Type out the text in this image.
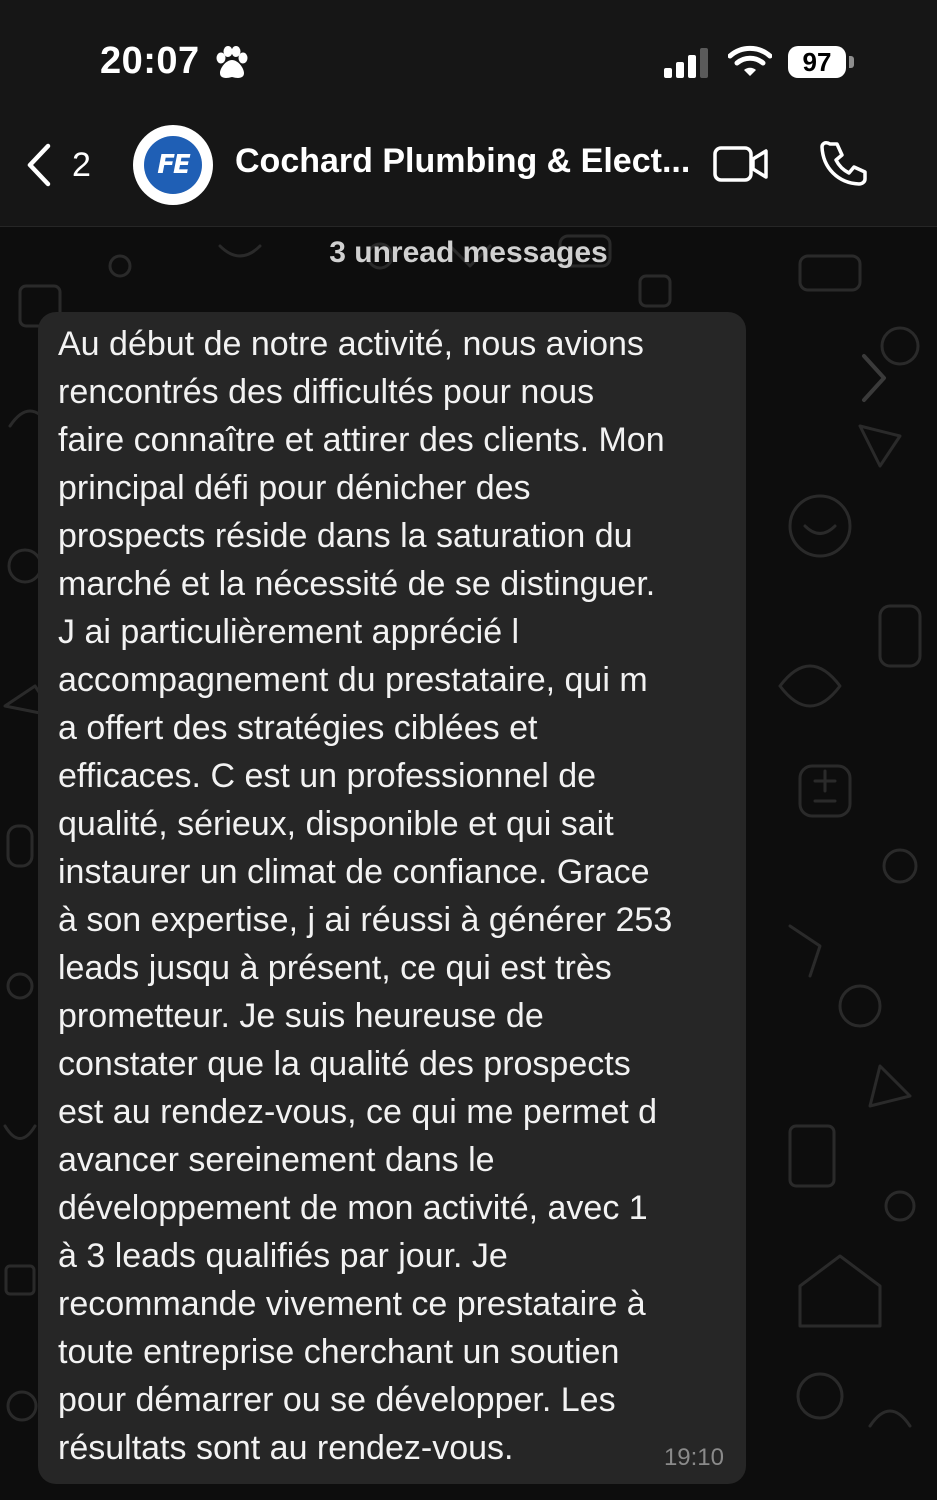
20:07	97
2	FE	Cochard Plumbing & Elect...
3 unread messages
Au début de notre activité, nous avions
rencontrés des difficultés pour nous
faire connaître et attirer des clients. Mon
principal défi pour dénicher des
prospects réside dans la saturation du
marché et la nécessité de se distinguer.
J ai particulièrement apprécié l
accompagnement du prestataire, qui m
a offert des stratégies ciblées et
efficaces. C est un professionnel de
qualité, sérieux, disponible et qui sait
instaurer un climat de confiance. Grace
à son expertise, j ai réussi à générer 253
leads jusqu à présent, ce qui est très
prometteur. Je suis heureuse de
constater que la qualité des prospects
est au rendez-vous, ce qui me permet d
avancer sereinement dans le
développement de mon activité, avec 1
à 3 leads qualifiés par jour. Je
recommande vivement ce prestataire à
toute entreprise cherchant un soutien
pour démarrer ou se développer. Les
résultats sont au rendez-vous.	19:10
